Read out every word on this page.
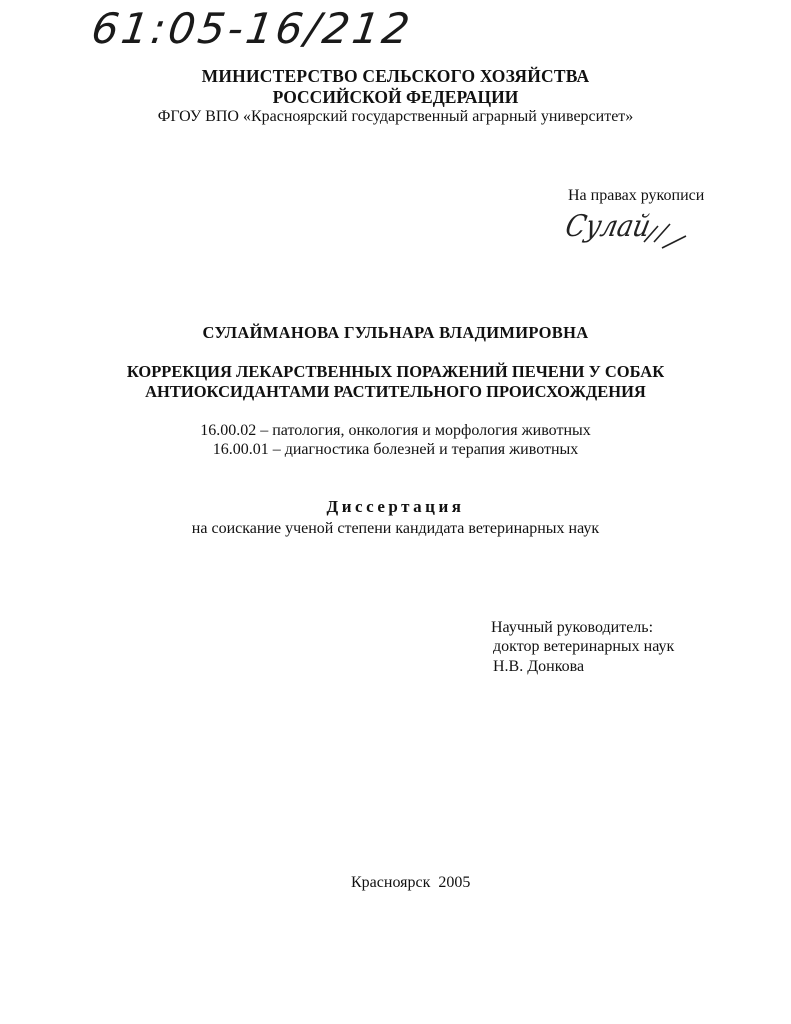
61:05-16/212
МИНИСТЕРСТВО СЕЛЬСКОГО ХОЗЯЙСТВА
РОССИЙСКОЙ ФЕДЕРАЦИИ
ФГОУ ВПО «Красноярский государственный аграрный университет»
На правах рукописи
Сулай
СУЛАЙМАНОВА ГУЛЬНАРА ВЛАДИМИРОВНА
КОРРЕКЦИЯ ЛЕКАРСТВЕННЫХ ПОРАЖЕНИЙ ПЕЧЕНИ У СОБАК
АНТИОКСИДАНТАМИ РАСТИТЕЛЬНОГО ПРОИСХОЖДЕНИЯ
16.00.02 – патология, онкология и морфология животных
16.00.01 – диагностика болезней и терапия животных
Диссертация
на соискание ученой степени кандидата ветеринарных наук
Научный руководитель:
доктор ветеринарных наук
Н.В. Донкова
Красноярск  2005
